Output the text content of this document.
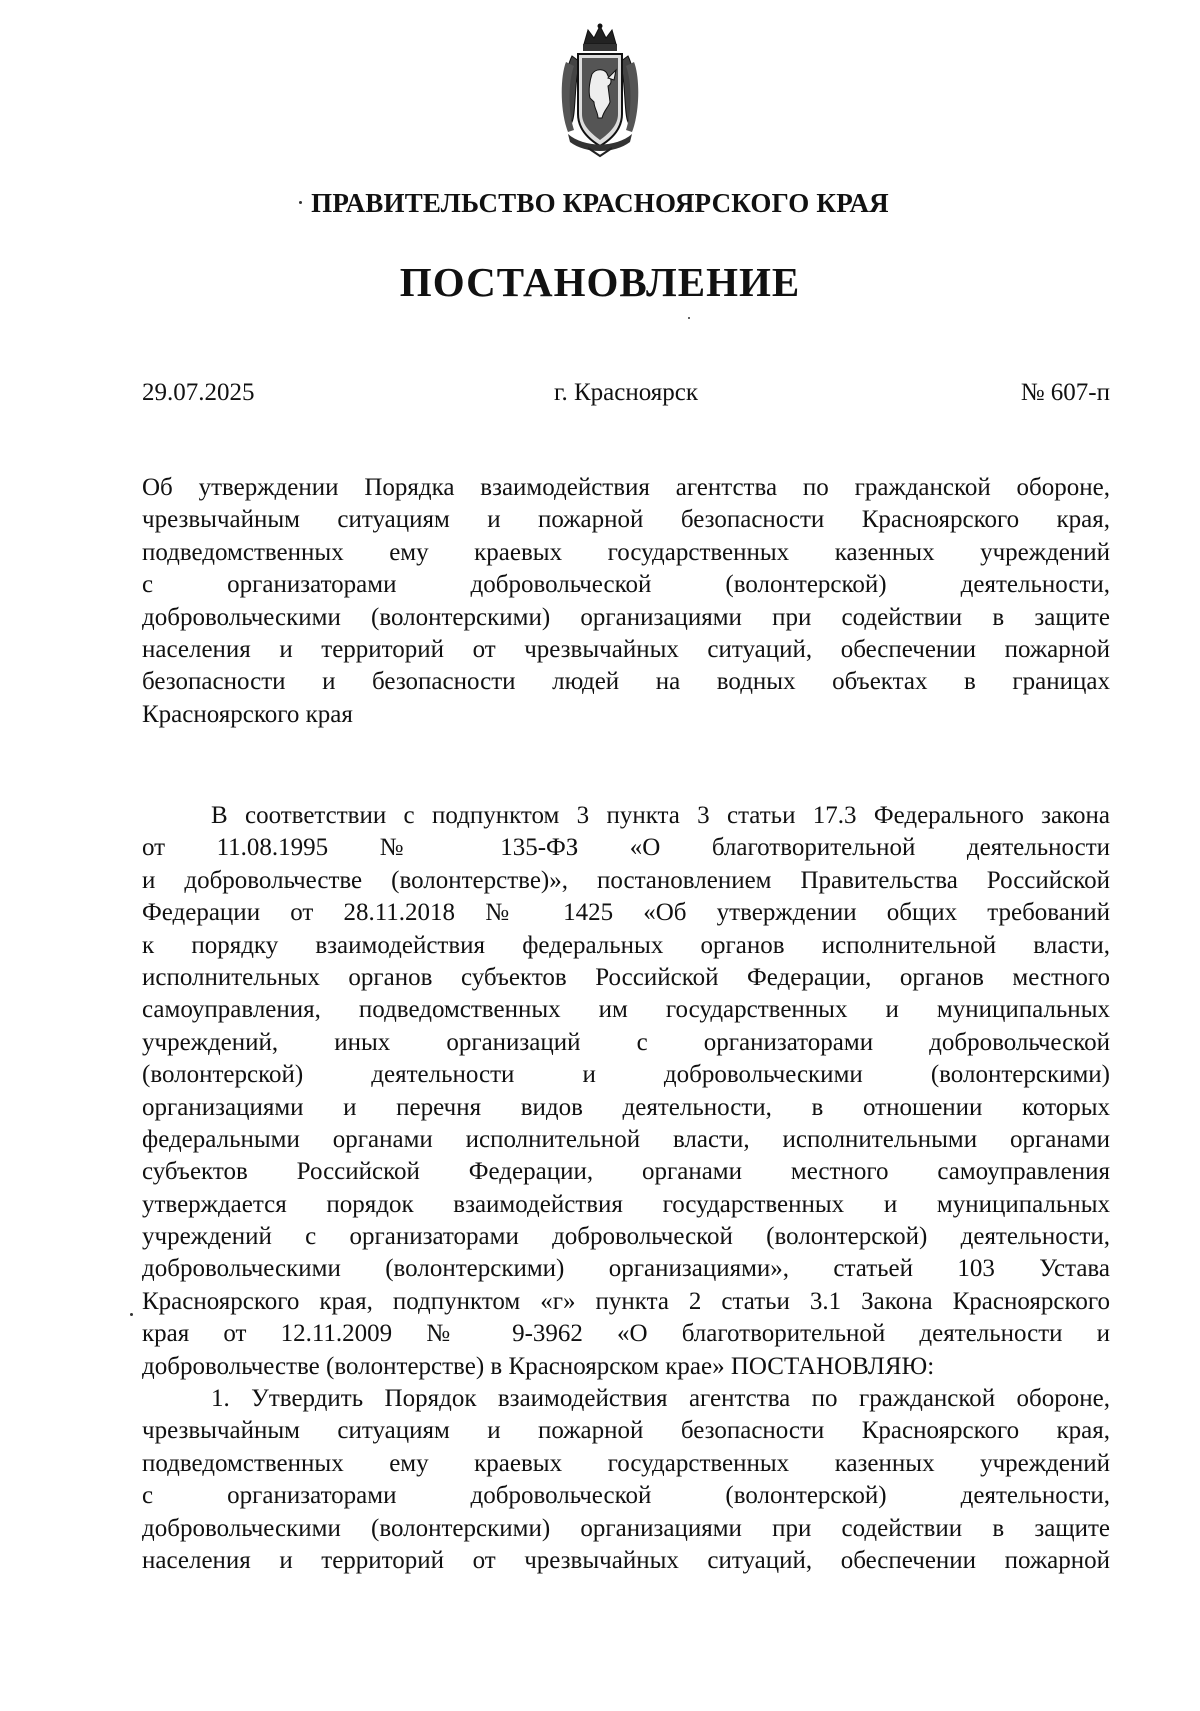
ПРАВИТЕЛЬСТВО КРАСНОЯРСКОГО КРАЯ
ПОСТАНОВЛЕНИЕ
29.07.2025	г. Красноярск	№ 607-п
Об утверждении Порядка взаимодействия агентства по гражданской обороне,
чрезвычайным ситуациям и пожарной безопасности Красноярского края,
подведомственных ему краевых государственных казенных учреждений
с организаторами добровольческой (волонтерской) деятельности,
добровольческими (волонтерскими) организациями при содействии в защите
населения и территорий от чрезвычайных ситуаций, обеспечении пожарной
безопасности и безопасности людей на водных объектах в границах
Красноярского края
В соответствии с подпунктом 3 пункта 3 статьи 17.3 Федерального закона
от 11.08.1995 № 135-ФЗ «О благотворительной деятельности
и добровольчестве (волонтерстве)», постановлением Правительства Российской
Федерации от 28.11.2018 № 1425 «Об утверждении общих требований
к порядку взаимодействия федеральных органов исполнительной власти,
исполнительных органов субъектов Российской Федерации, органов местного
самоуправления, подведомственных им государственных и муниципальных
учреждений, иных организаций с организаторами добровольческой
(волонтерской) деятельности и добровольческими (волонтерскими)
организациями и перечня видов деятельности, в отношении которых
федеральными органами исполнительной власти, исполнительными органами
субъектов Российской Федерации, органами местного самоуправления
утверждается порядок взаимодействия государственных и муниципальных
учреждений с организаторами добровольческой (волонтерской) деятельности,
добровольческими (волонтерскими) организациями», статьей 103 Устава
Красноярского края, подпунктом «г» пункта 2 статьи 3.1 Закона Красноярского
края от 12.11.2009 № 9-3962 «О благотворительной деятельности и
добровольчестве (волонтерстве) в Красноярском крае» ПОСТАНОВЛЯЮ:
1. Утвердить Порядок взаимодействия агентства по гражданской обороне,
чрезвычайным ситуациям и пожарной безопасности Красноярского края,
подведомственных ему краевых государственных казенных учреждений
с организаторами добровольческой (волонтерской) деятельности,
добровольческими (волонтерскими) организациями при содействии в защите
населения и территорий от чрезвычайных ситуаций, обеспечении пожарной
